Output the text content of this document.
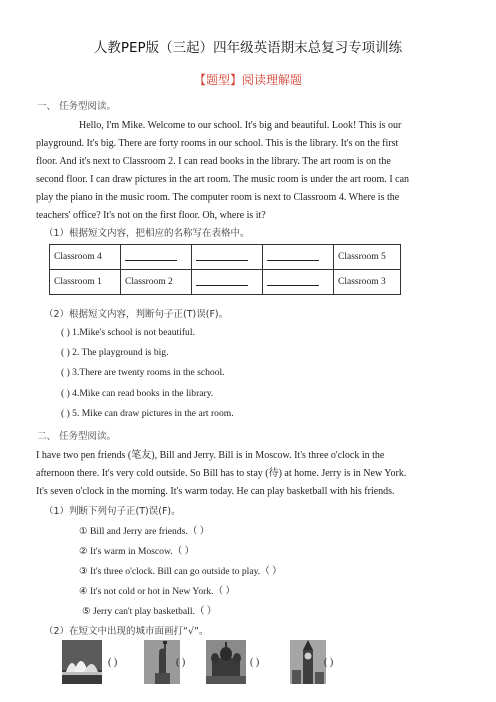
人教PEP版（三起）四年级英语期末总复习专项训练
【题型】阅读理解题
一、 任务型阅读。
Hello, I'm Mike. Welcome to our school. It's big and beautiful. Look! This is our
playground. It's big. There are forty rooms in our school. This is the library. It's on the first
floor. And it's next to Classroom 2. I can read books in the library. The art room is on the
second floor. I can draw pictures in the art room. The music room is under the art room. I can
play the piano in the music room. The computer room is next to Classroom 4. Where is the
teachers' office? It's not on the first floor. Oh, where is it?
（1）根据短文内容，把相应的名称写在表格中。
Classroom 4				Classroom 5
Classroom 1	Classroom 2			Classroom 3
（2）根据短文内容，判断句子正(T)误(F)。
( ) 1.Mike's school is not beautiful.
( ) 2. The playground is big.
( ) 3.There are twenty rooms in the school.
( ) 4.Mike can read books in the library.
( ) 5. Mike can draw pictures in the art room.
二、 任务型阅读。
I have two pen friends (笔友), Bill and Jerry. Bill is in Moscow. It's three o'clock in the
afternoon there. It's very cold outside. So Bill has to stay (待) at home. Jerry is in New York.
It's seven o'clock in the morning. It's warm today. He can play basketball with his friends.
（1）判断下列句子正(T)误(F)。
① Bill and Jerry are friends.（ ）
② It's warm in Moscow.（ ）
③ It's three o'clock. Bill can go outside to play.（ ）
④ It's not cold or hot in New York.（ ）
⑤ Jerry can't play basketball.（ ）
（2）在短文中出现的城市面画打“√”。
( )	( )	( )	( )
